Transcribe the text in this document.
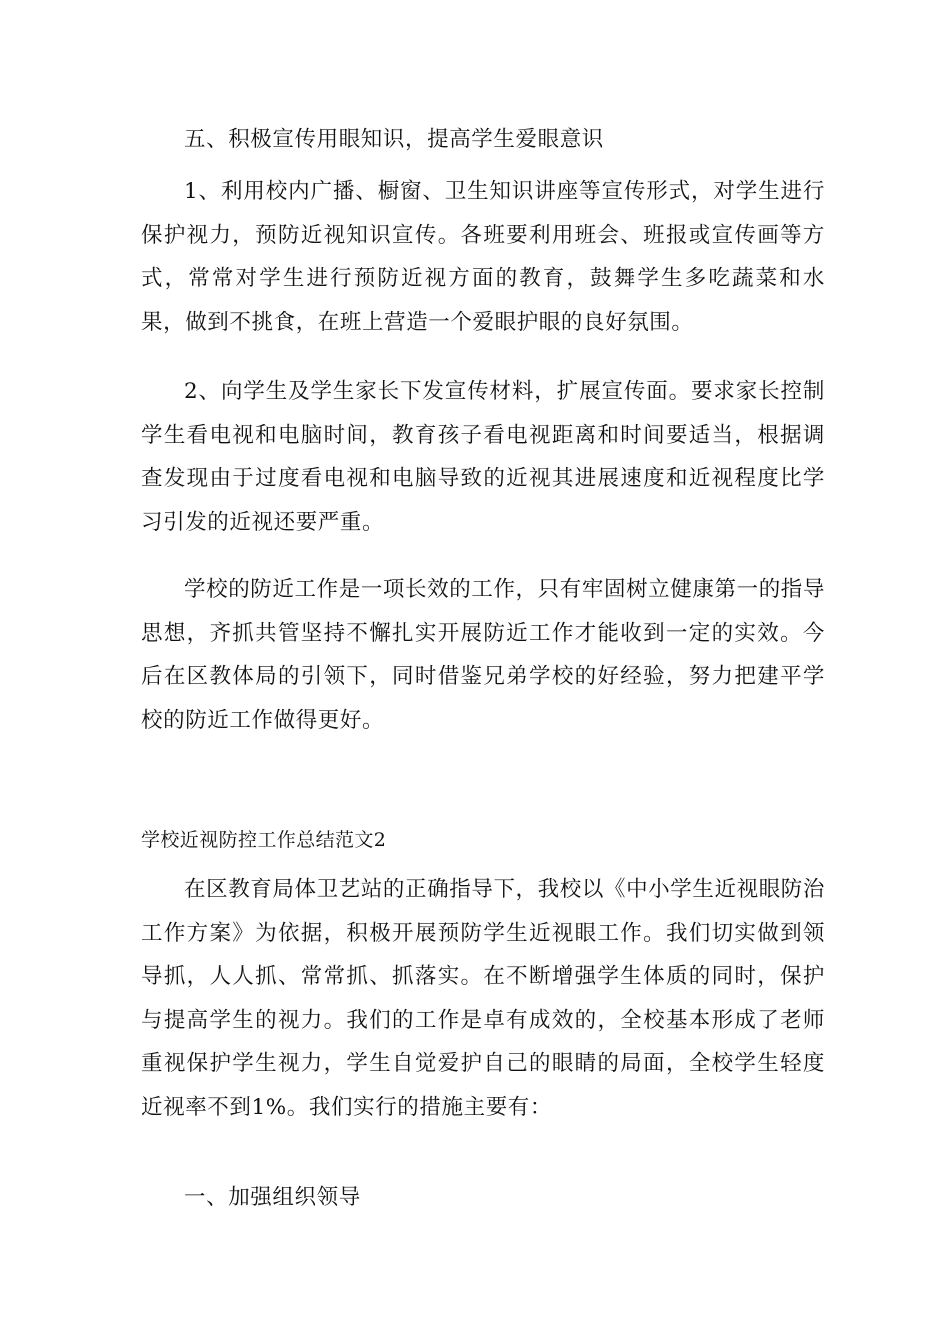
五、积极宣传用眼知识，提高学生爱眼意识

1、利用校内广播、橱窗、卫生知识讲座等宣传形式，对学生进行保护视力，预防近视知识宣传。各班要利用班会、班报或宣传画等方式，常常对学生进行预防近视方面的教育，鼓舞学生多吃蔬菜和水果，做到不挑食，在班上营造一个爱眼护眼的良好氛围。

2、向学生及学生家长下发宣传材料，扩展宣传面。要求家长控制学生看电视和电脑时间，教育孩子看电视距离和时间要适当，根据调查发现由于过度看电视和电脑导致的近视其进展速度和近视程度比学习引发的近视还要严重。

学校的防近工作是一项长效的工作，只有牢固树立健康第一的指导思想，齐抓共管坚持不懈扎实开展防近工作才能收到一定的实效。今后在区教体局的引领下，同时借鉴兄弟学校的好经验，努力把建平学校的防近工作做得更好。

学校近视防控工作总结范文2

在区教育局体卫艺站的正确指导下，我校以《中小学生近视眼防治工作方案》为依据，积极开展预防学生近视眼工作。我们切实做到领导抓，人人抓、常常抓、抓落实。在不断增强学生体质的同时，保护与提高学生的视力。我们的工作是卓有成效的，全校基本形成了老师重视保护学生视力，学生自觉爱护自己的眼睛的局面，全校学生轻度近视率不到1%。我们实行的措施主要有：

一、加强组织领导
